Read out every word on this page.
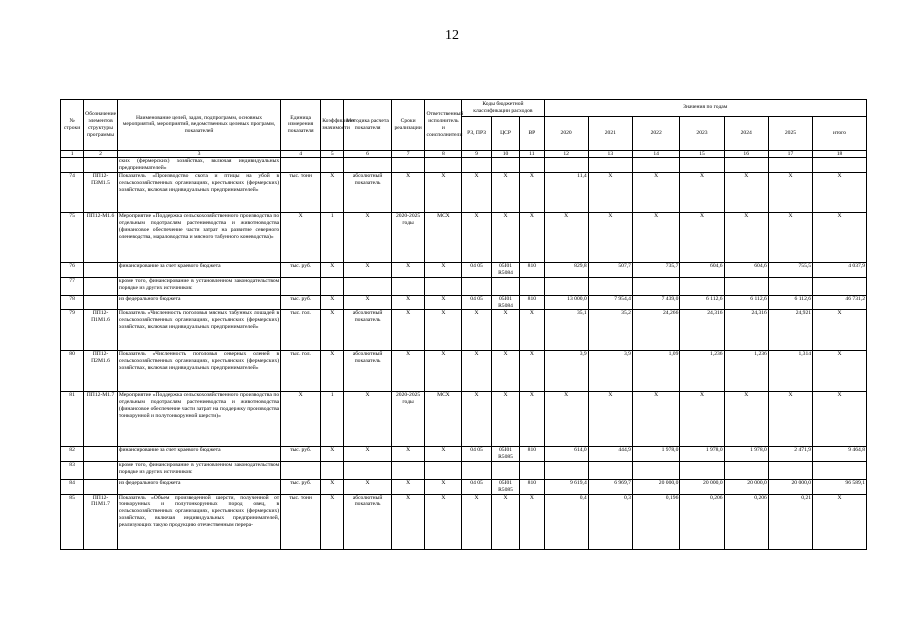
12
№ строки	Обозначение элементов структуры программы	Наименование целей, задач, подпрограмм, основных мероприятий, мероприятий, ведомственных целевых программ, показателей	Единица измерения показателя	Коэффициент значимости	Методика расчета показателя	Сроки реализации	Ответственный исполнитель и соисполнители	Коды бюджетной классификации расходов			Значения по годам						
								РЗ, ПРЗ	ЦСР	ВР	2020	2021	2022	2023	2024	2025	итого
1	2	3	4	5	6	7	8	9	10	11	12	13	14	15	16	17	18
		ских (фермерских) хозяйствах, включая индивидуальных предпринимателей»															
74	ПП12-П3М1.5	Показатель «Производство скота и птицы на убой в сельскохозяйственных организациях, крестьянских (фермерских) хозяйствах, включая индивидуальных предпринимателей»	тыс. тонн	Х	абсолютный показатель	Х	Х	Х	Х	Х	11,4	Х	Х	Х	Х	Х	Х
75	ПП12-М1.6	Мероприятие «Поддержка сельскохозяйственного производства по отдельным подотраслям растениеводства и животноводства (финансовое обеспечение части затрат на развитие северного оленеводства, мараловодства и мясного табунного коневодства)»	Х	1	Х	2020-2025 годы	МСХ	Х	Х	Х	Х	Х	Х	Х	Х	Х	Х
76		финансирование за счет краевого бюджета	тыс. руб.	Х	Х	Х	Х	04 05	05I01 R5084	810	829,8	507,7	735,7	604,6	604,6	755,5	4 037,9
77		кроме того, финансирование в установленном законодательством порядке из других источников:															
78		из федерального бюджета	тыс. руб.	Х	Х	Х	Х	04 05	05I01 R5084	810	13 000,0	7 954,4	7 439,0	6 112,6	6 112,6	6 112,6	46 731,2
79	ПП12-П1М1.6	Показатель «Численность поголовья мясных табунных лошадей в сельскохозяйственных организациях, крестьянских (фермерских) хозяйствах, включая индивидуальных предпринимателей»	тыс. гол.	Х	абсолютный показатель	Х	Х	Х	Х	Х	35,1	35,2	24,266	24,316	24,316	24,921	Х
80	ПП12-П2М1.6	Показатель «Численность поголовья северных оленей в сельскохозяйственных организациях, крестьянских (фермерских) хозяйствах, включая индивидуальных предпринимателей»	тыс. гол.	Х	абсолютный показатель	Х	Х	Х	Х	Х	3,9	3,9	1,09	1,236	1,236	1,314	Х
81	ПП12-М1.7	Мероприятие «Поддержка сельскохозяйственного производства по отдельным подотраслям растениеводства и животноводства (финансовое обеспечение части затрат на поддержку производства тонкорунной и полутонкорунной шерсти)»	Х	1	Х	2020-2025 годы	МСХ	Х	Х	Х	Х	Х	Х	Х	Х	Х	Х
82		финансирование за счет краевого бюджета	тыс. руб.	Х	Х	Х	Х	04 05	05I01 R5085	810	614,0	444,9	1 978,0	1 978,0	1 978,0	2 471,9	9 464,8
83		кроме того, финансирование в установленном законодательством порядке из других источников:															
84		из федерального бюджета	тыс. руб.	Х	Х	Х	Х	04 05	05I01 R5085	810	9 619,4	6 969,7	20 000,0	20 000,0	20 000,0	20 000,0	96 589,1
85	ПП12-П1М1.7	Показатель «Объем произведенной шерсти, полученной от тонкорунных и полутонкорунных пород овец, в сельскохозяйственных организациях, крестьянских (фермерских) хозяйствах, включая индивидуальных предпринимателей, реализующих такую продукцию отечественным перера-	тыс. тонн	Х	абсолютный показатель	Х	Х	Х	Х	Х	0,4	0,3	0,196	0,206	0,206	0,21	Х
